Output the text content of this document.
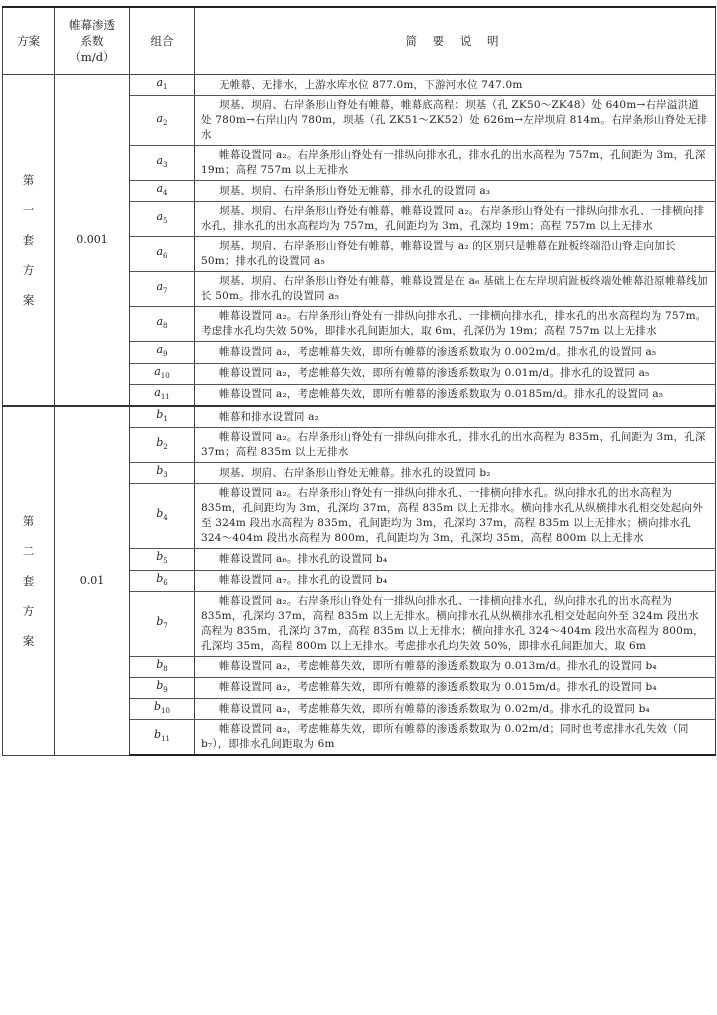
方案	帷幕渗透系数（m/d）	组合	简 要 说 明
第一套方案	0.001	$a_1$	无帷幕、无排水，上游水库水位 877.0m，下游河水位 747.0m
		$a_2$	坝基、坝肩、右岸条形山脊处有帷幕，帷幕底高程：坝基（孔 ZK50～ZK48）处 640m→右岸溢洪道处 780m→右岸山内 780m，坝基（孔 ZK51～ZK52）处 626m→左岸坝肩 814m。右岸条形山脊处无排水
		$a_3$	帷幕设置同 a₂。右岸条形山脊处有一排纵向排水孔，排水孔的出水高程为 757m，孔间距为 3m，孔深 19m；高程 757m 以上无排水
		$a_4$	坝基、坝肩、右岸条形山脊处无帷幕，排水孔的设置同 a₃
		$a_5$	坝基、坝肩、右岸条形山脊处有帷幕，帷幕设置同 a₂。右岸条形山脊处有一排纵向排水孔、一排横向排水孔，排水孔的出水高程均为 757m，孔间距均为 3m，孔深均 19m；高程 757m 以上无排水
		$a_6$	坝基、坝肩、右岸条形山脊处有帷幕，帷幕设置与 a₂ 的区别只是帷幕在趾板终端沿山脊走向加长 50m；排水孔的设置同 a₅
		$a_7$	坝基、坝肩、右岸条形山脊处有帷幕，帷幕设置是在 a₆ 基础上在左岸坝肩趾板终端处帷幕沿原帷幕线加长 50m。排水孔的设置同 a₅
		$a_8$	帷幕设置同 a₂。右岸条形山脊处有一排纵向排水孔、一排横向排水孔，排水孔的出水高程均为 757m。考虑排水孔均失效 50%，即排水孔间距加大，取 6m，孔深仍为 19m；高程 757m 以上无排水
		$a_9$	帷幕设置同 a₂，考虑帷幕失效，即所有帷幕的渗透系数取为 0.002m/d。排水孔的设置同 a₅
		$a_{10}$	帷幕设置同 a₂，考虑帷幕失效，即所有帷幕的渗透系数取为 0.01m/d。排水孔的设置同 a₅
		$a_{11}$	帷幕设置同 a₂，考虑帷幕失效，即所有帷幕的渗透系数取为 0.0185m/d。排水孔的设置同 a₅
第二套方案	0.01	$b_1$	帷幕和排水设置同 a₂
		$b_2$	帷幕设置同 a₂。右岸条形山脊处有一排纵向排水孔，排水孔的出水高程为 835m，孔间距为 3m，孔深 37m；高程 835m 以上无排水
		$b_3$	坝基、坝肩、右岸条形山脊处无帷幕。排水孔的设置同 b₂
		$b_4$	帷幕设置同 a₂。右岸条形山脊处有一排纵向排水孔、一排横向排水孔。纵向排水孔的出水高程为 835m，孔间距均为 3m，孔深均 37m，高程 835m 以上无排水。横向排水孔从纵横排水孔相交处起向外至 324m 段出水高程为 835m，孔间距均为 3m，孔深均 37m，高程 835m 以上无排水；横向排水孔 324～404m 段出水高程为 800m，孔间距均为 3m，孔深均 35m，高程 800m 以上无排水
		$b_5$	帷幕设置同 a₆。排水孔的设置同 b₄
		$b_6$	帷幕设置同 a₇。排水孔的设置同 b₄
		$b_7$	帷幕设置同 a₂。右岸条形山脊处有一排纵向排水孔、一排横向排水孔，纵向排水孔的出水高程为 835m，孔深均 37m，高程 835m 以上无排水。横向排水孔从纵横排水孔相交处起向外至 324m 段出水高程为 835m，孔深均 37m，高程 835m 以上无排水；横向排水孔 324～404m 段出水高程为 800m，孔深均 35m，高程 800m 以上无排水。考虑排水孔均失效 50%，即排水孔间距加大，取 6m
		$b_8$	帷幕设置同 a₂，考虑帷幕失效，即所有帷幕的渗透系数取为 0.013m/d。排水孔的设置同 b₄
		$b_9$	帷幕设置同 a₂，考虑帷幕失效，即所有帷幕的渗透系数取为 0.015m/d。排水孔的设置同 b₄
		$b_{10}$	帷幕设置同 a₂，考虑帷幕失效，即所有帷幕的渗透系数取为 0.02m/d。排水孔的设置同 b₄
		$b_{11}$	帷幕设置同 a₂，考虑帷幕失效，即所有帷幕的渗透系数取为 0.02m/d；同时也考虑排水孔失效（同 b₇），即排水孔间距取为 6m
